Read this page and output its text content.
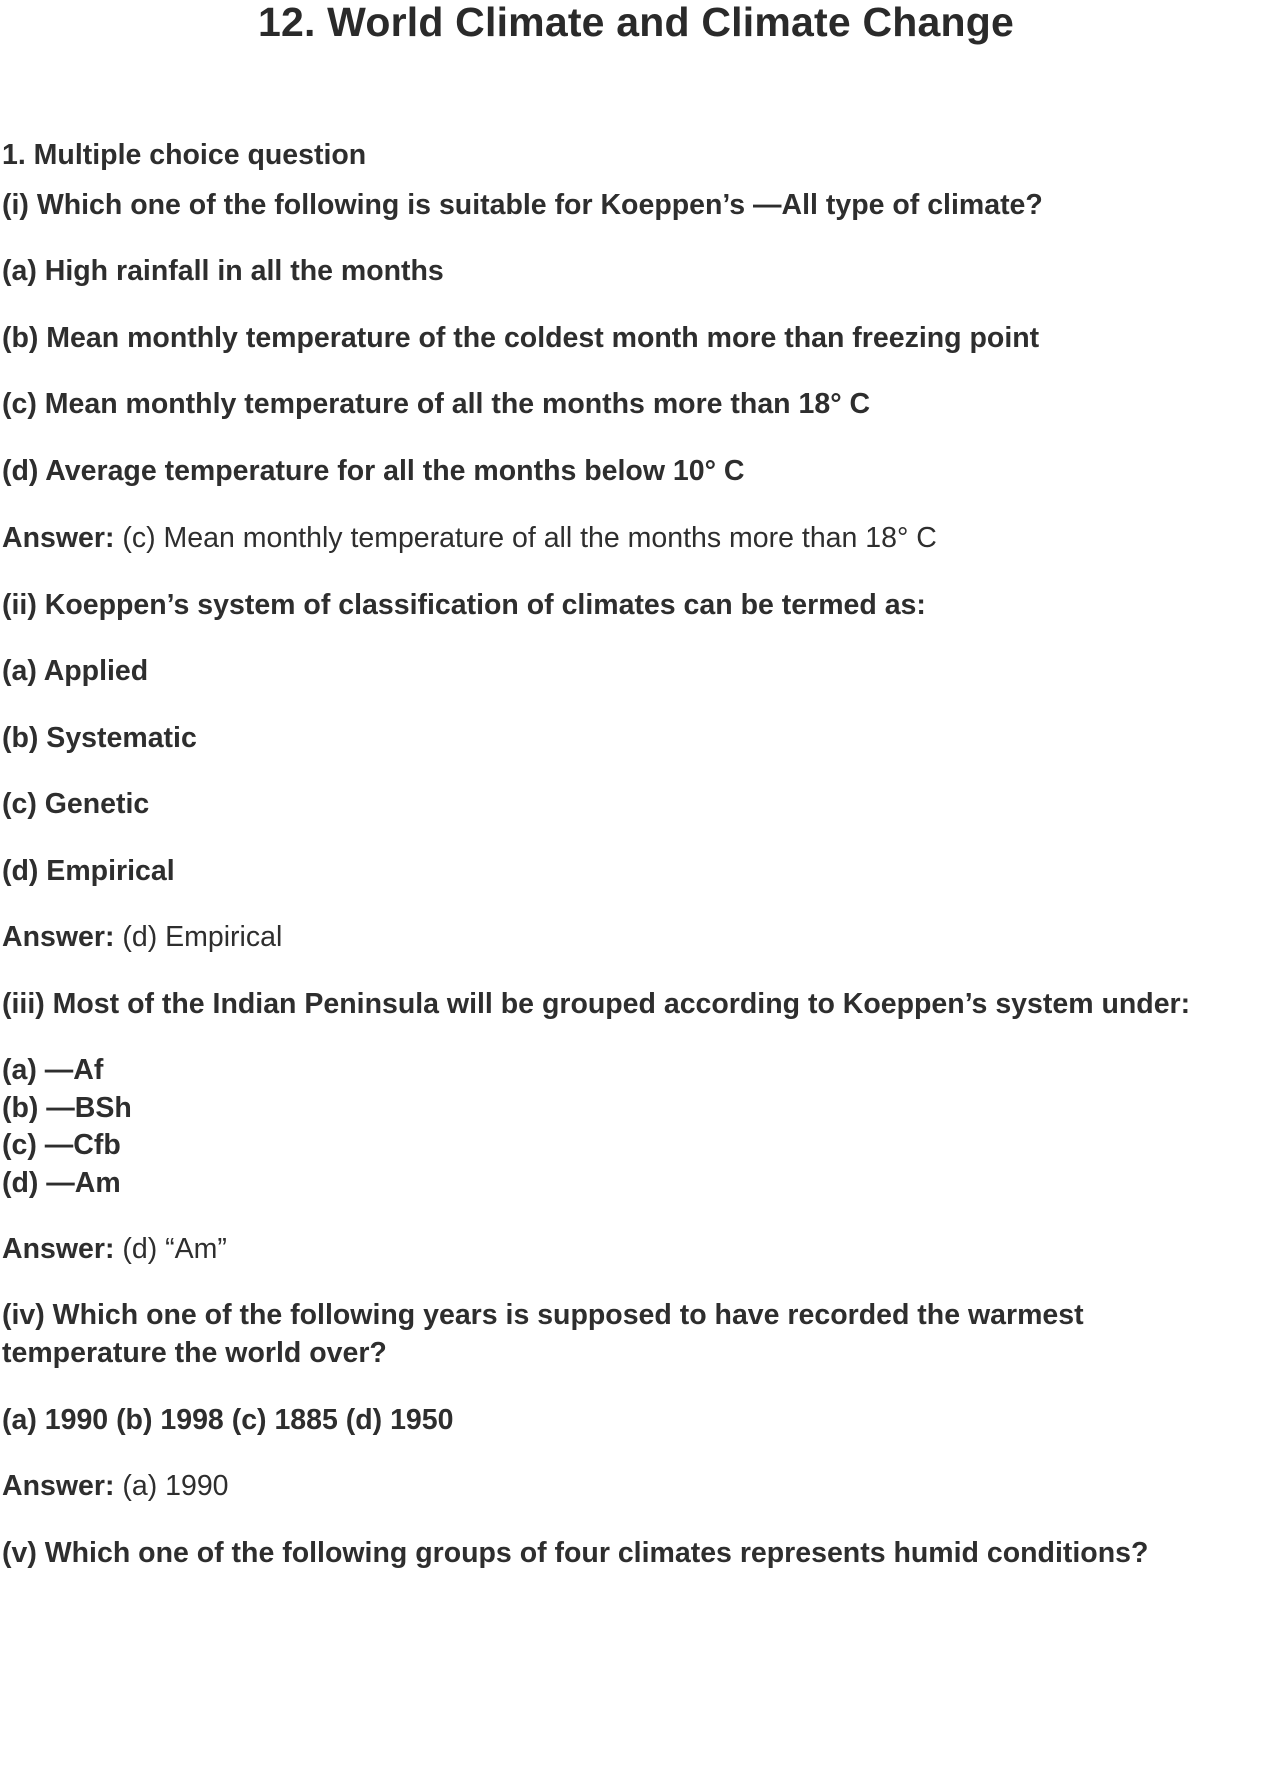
12. World Climate and Climate Change
1. Multiple choice question
(i) Which one of the following is suitable for Koeppen’s —All type of climate?
(a) High rainfall in all the months
(b) Mean monthly temperature of the coldest month more than freezing point
(c) Mean monthly temperature of all the months more than 18° C
(d) Average temperature for all the months below 10° C
Answer: (c) Mean monthly temperature of all the months more than 18° C
(ii) Koeppen’s system of classification of climates can be termed as:
(a) Applied
(b) Systematic
(c) Genetic
(d) Empirical
Answer: (d) Empirical
(iii) Most of the Indian Peninsula will be grouped according to Koeppen’s system under:
(a) —Af
(b) —BSh
(c) —Cfb
(d) —Am
Answer: (d) “Am”
(iv) Which one of the following years is supposed to have recorded the warmest
temperature the world over?
(a) 1990 (b) 1998 (c) 1885 (d) 1950
Answer: (a) 1990
(v) Which one of the following groups of four climates represents humid conditions?
